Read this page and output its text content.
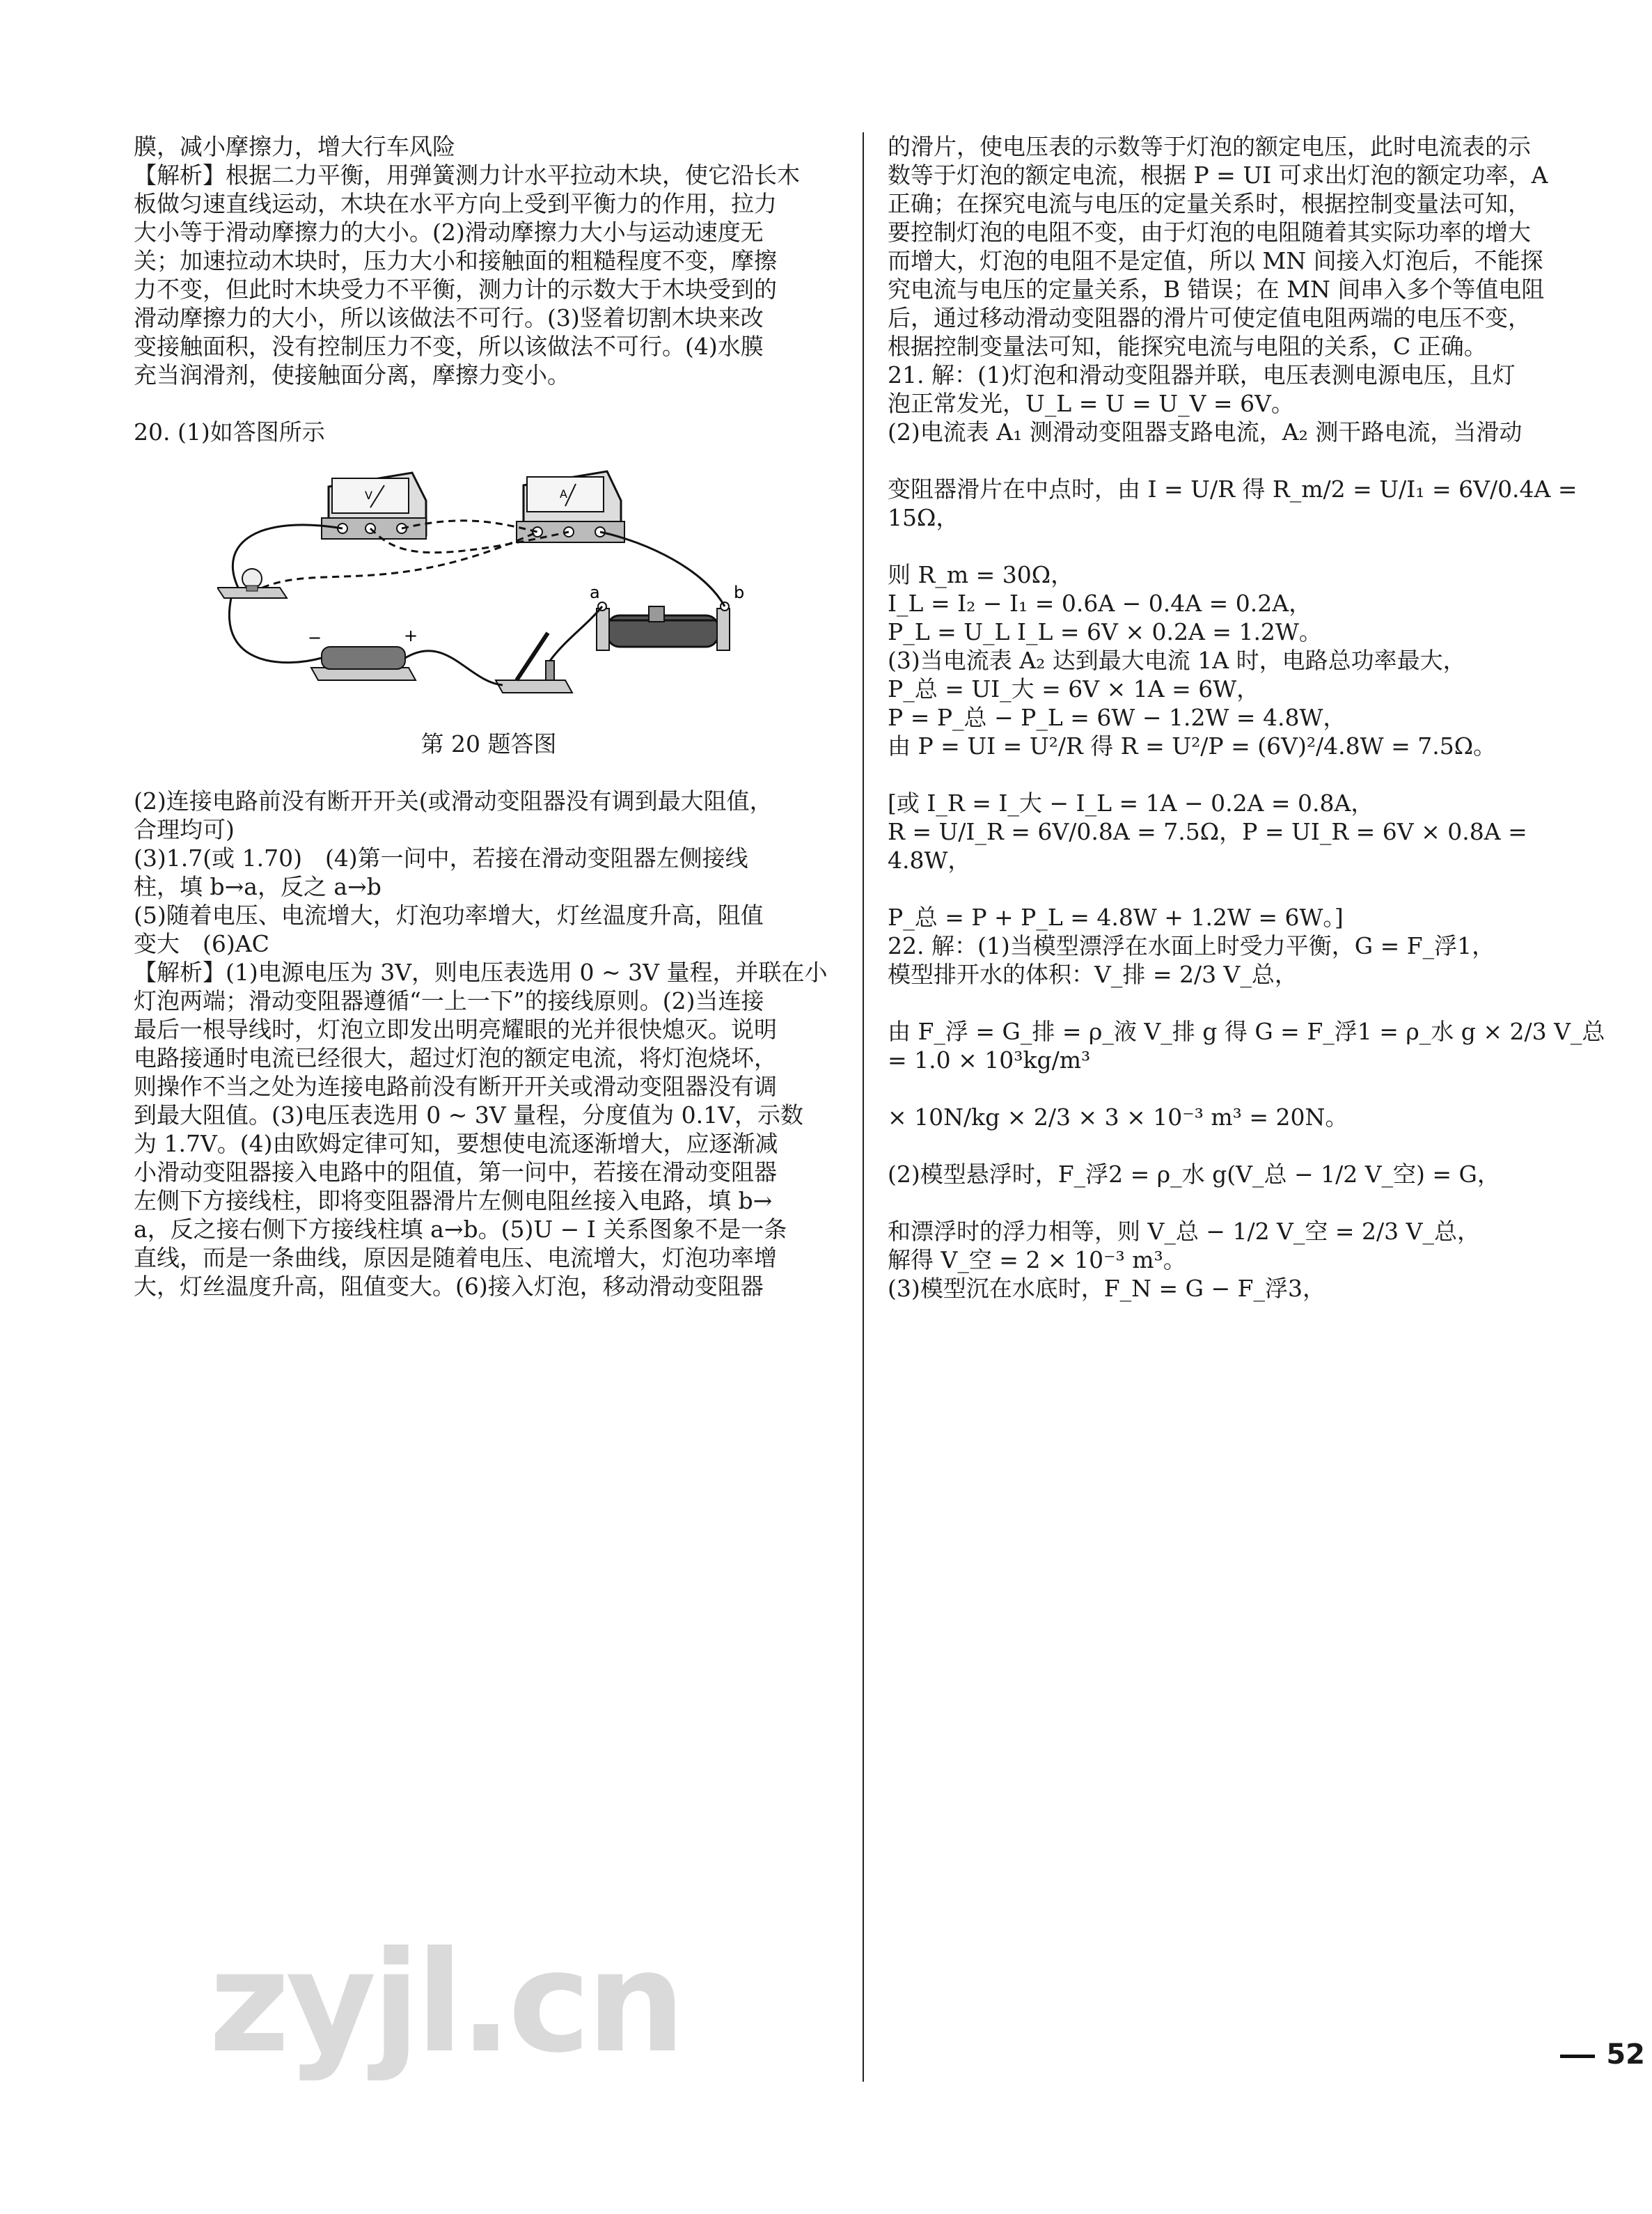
膜，减小摩擦力，增大行车风险

【解析】根据二力平衡，用弹簧测力计水平拉动木块，使它沿长木

板做匀速直线运动，木块在水平方向上受到平衡力的作用，拉力

大小等于滑动摩擦力的大小。(2)滑动摩擦力大小与运动速度无

关；加速拉动木块时，压力大小和接触面的粗糙程度不变，摩擦

力不变，但此时木块受力不平衡，测力计的示数大于木块受到的

滑动摩擦力的大小，所以该做法不可行。(3)竖着切割木块来改

变接触面积，没有控制压力不变，所以该做法不可行。(4)水膜

充当润滑剂，使接触面分离，摩擦力变小。

20. (1)如答图所示

V	A
a	b
−	+

第 20 题答图

(2)连接电路前没有断开开关(或滑动变阻器没有调到最大阻值，

合理均可)

(3)1.7(或 1.70)　(4)第一问中，若接在滑动变阻器左侧接线

柱，填 b→a，反之 a→b

(5)随着电压、电流增大，灯泡功率增大，灯丝温度升高，阻值

变大　(6)AC

【解析】(1)电源电压为 3V，则电压表选用 0 ~ 3V 量程，并联在小

灯泡两端；滑动变阻器遵循“一上一下”的接线原则。(2)当连接

最后一根导线时，灯泡立即发出明亮耀眼的光并很快熄灭。说明

电路接通时电流已经很大，超过灯泡的额定电流，将灯泡烧坏，

则操作不当之处为连接电路前没有断开开关或滑动变阻器没有调

到最大阻值。(3)电压表选用 0 ~ 3V 量程，分度值为 0.1V，示数

为 1.7V。(4)由欧姆定律可知，要想使电流逐渐增大，应逐渐减

小滑动变阻器接入电路中的阻值，第一问中，若接在滑动变阻器

左侧下方接线柱，即将变阻器滑片左侧电阻丝接入电路，填 b→

a，反之接右侧下方接线柱填 a→b。(5)U − I 关系图象不是一条

直线，而是一条曲线，原因是随着电压、电流增大，灯泡功率增

大，灯丝温度升高，阻值变大。(6)接入灯泡，移动滑动变阻器

的滑片，使电压表的示数等于灯泡的额定电压，此时电流表的示

数等于灯泡的额定电流，根据 P = UI 可求出灯泡的额定功率，A

正确；在探究电流与电压的定量关系时，根据控制变量法可知，

要控制灯泡的电阻不变，由于灯泡的电阻随着其实际功率的增大

而增大，灯泡的电阻不是定值，所以 MN 间接入灯泡后，不能探

究电流与电压的定量关系，B 错误；在 MN 间串入多个等值电阻

后，通过移动滑动变阻器的滑片可使定值电阻两端的电压不变，

根据控制变量法可知，能探究电流与电阻的关系，C 正确。

21. 解：(1)灯泡和滑动变阻器并联，电压表测电源电压，且灯

泡正常发光，U_L = U = U_V = 6V。

(2)电流表 A₁ 测滑动变阻器支路电流，A₂ 测干路电流，当滑动

变阻器滑片在中点时，由 I = U/R 得 R_m/2 = U/I₁ = 6V/0.4A = 15Ω，

则 R_m = 30Ω，

I_L = I₂ − I₁ = 0.6A − 0.4A = 0.2A，

P_L = U_L I_L = 6V × 0.2A = 1.2W。

(3)当电流表 A₂ 达到最大电流 1A 时，电路总功率最大，

P_总 = UI_大 = 6V × 1A = 6W，

P = P_总 − P_L = 6W − 1.2W = 4.8W，

由 P = UI = U²/R 得 R = U²/P = (6V)²/4.8W = 7.5Ω。

[或 I_R = I_大 − I_L = 1A − 0.2A = 0.8A，

R = U/I_R = 6V/0.8A = 7.5Ω，P = UI_R = 6V × 0.8A = 4.8W，

P_总 = P + P_L = 4.8W + 1.2W = 6W。]

22. 解：(1)当模型漂浮在水面上时受力平衡，G = F_浮1，

模型排开水的体积：V_排 = 2/3 V_总，

由 F_浮 = G_排 = ρ_液 V_排 g 得 G = F_浮1 = ρ_水 g × 2/3 V_总 = 1.0 × 10³kg/m³

× 10N/kg × 2/3 × 3 × 10⁻³ m³ = 20N。

(2)模型悬浮时，F_浮2 = ρ_水 g(V_总 − 1/2 V_空) = G，

和漂浮时的浮力相等，则 V_总 − 1/2 V_空 = 2/3 V_总，

解得 V_空 = 2 × 10⁻³ m³。

(3)模型沉在水底时，F_N = G − F_浮3，

zyjl.cn	52
